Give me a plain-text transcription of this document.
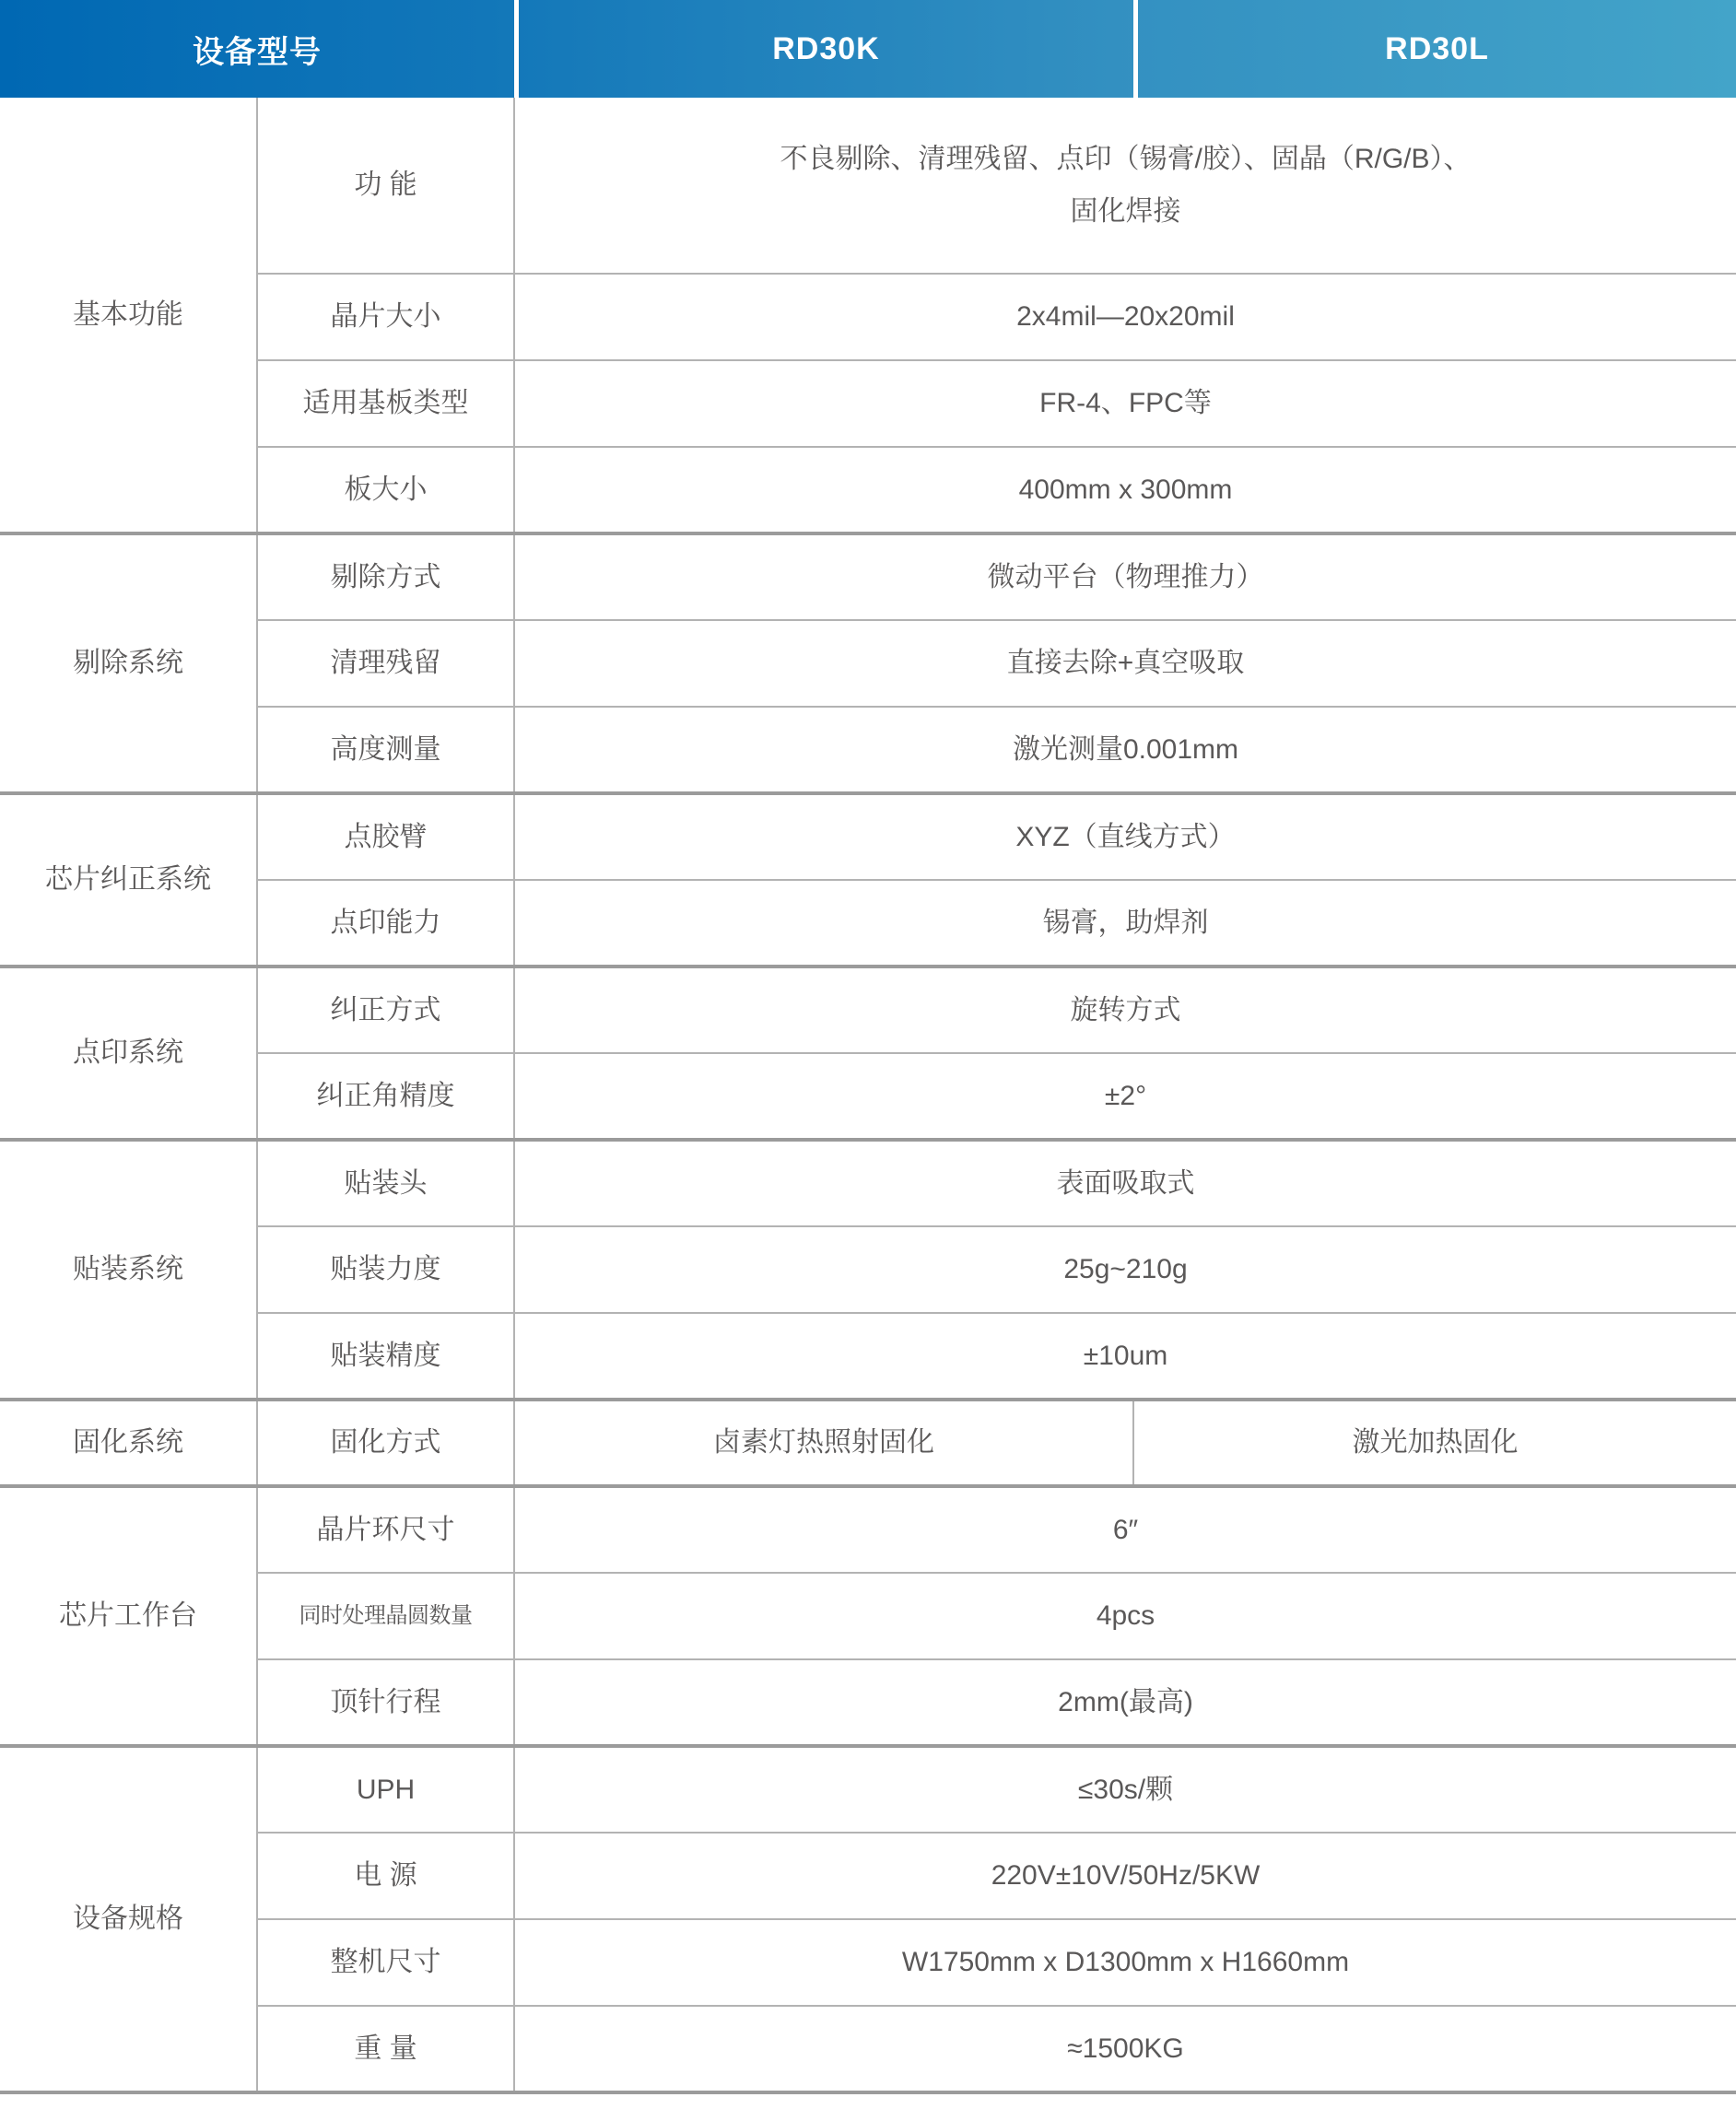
设备型号	RD30K	RD30L
基本功能	功 能	不良剔除、清理残留、点印（锡膏/胶）、固晶（R/G/B）、
固化焊接	

	晶片大小	2x4mil—20x20mil	
	适用基板类型	FR-4、FPC等	
	板大小	400mm x 300mm	
剔除系统	剔除方式	微动平台（物理推力）	
	清理残留	直接去除+真空吸取	
	高度测量	激光测量0.001mm	
芯片纠正系统	点胶臂	XYZ（直线方式）	
	点印能力	锡膏，助焊剂	
点印系统	纠正方式	旋转方式	
	纠正角精度	±2°	
贴装系统	贴装头	表面吸取式	
	贴装力度	25g~210g	
	贴装精度	±10um	
固化系统	固化方式	卤素灯热照射固化	激光加热固化
芯片工作台	晶片环尺寸	6″	
	同时处理晶圆数量	4pcs	
	顶针行程	2mm(最高)	
设备规格	UPH	≤30s/颗	
	电 源	220V±10V/50Hz/5KW	
	整机尺寸	W1750mm x D1300mm x H1660mm	
	重 量	≈1500KG	
